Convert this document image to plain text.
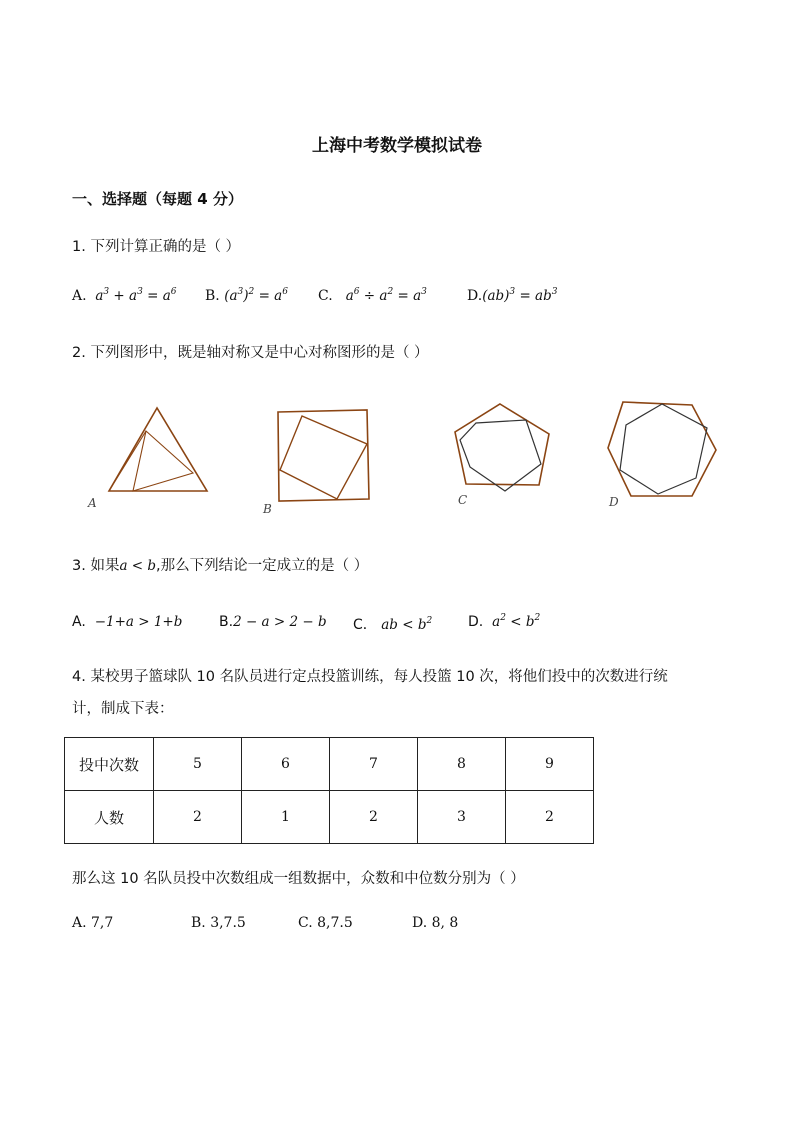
上海中考数学模拟试卷
一、选择题（每题 4 分）
1. 下列计算正确的是（ ）
A. $a^3 + a^3 = a^6$ B. $(a^3)^2 = a^6$ C. $a^6 \div a^2 = a^3$	$D.(ab)^3 = ab^3$
2. 下列图形中，既是轴对称又是中心对称图形的是（ ）
A	B
C	D
3. 如果a < b,那么下列结论一定成立的是（ ）
A. −1+a > 1+b	B.2 − a > 2 − b C． ab < $b^2$	D. $a^2 < b^2$
4. 某校男子篮球队 10 名队员进行定点投篮训练，每人投篮 10 次，将他们投中的次数进行统
计，制成下表：
投中次数	5	6	7	8	9
人数	2	1	2	3	2
那么这 10 名队员投中次数组成一组数据中，众数和中位数分别为（ ）
A. 7,7	B. 3,7.5	C. 8,7.5	D. 8, 8
